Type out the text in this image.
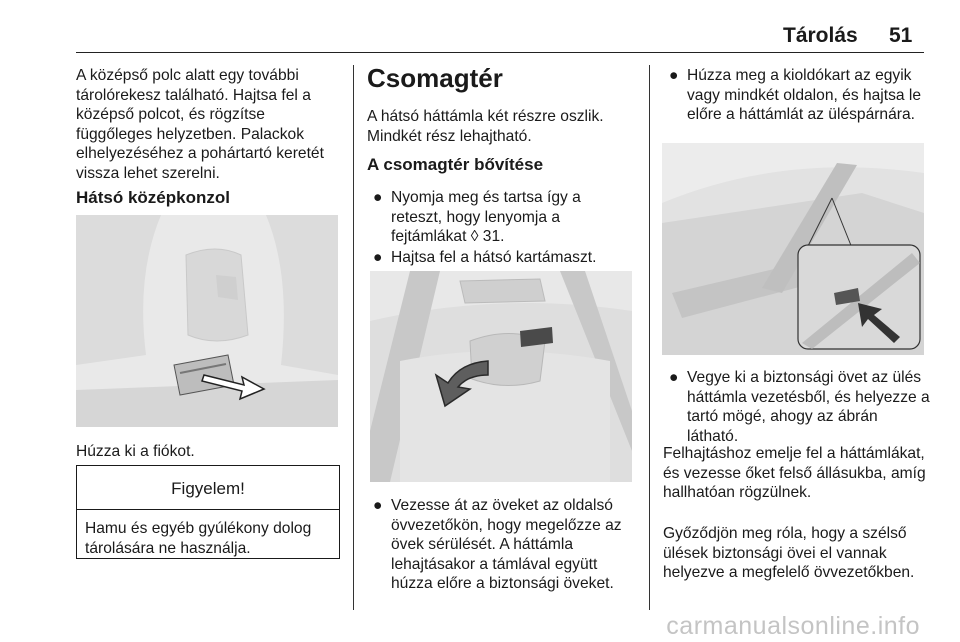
Tárolás 51

A középső polc alatt egy további tárolórekesz található. Hajtsa fel a középső polcot, és rögzítse függőleges helyzetben. Palackok elhelyezéséhez a pohártartó keretét vissza lehet szerelni.

Hátsó középkonzol
Húzza ki a fiókot.
Figyelem!
Hamu és egyéb gyúlékony dolog tárolására ne használja.
Csomagtér

A hátsó háttámla két részre oszlik. Mindkét rész lehajtható.

A csomagtér bővítése
● Nyomja meg és tartsa így a reteszt, hogy lenyomja a fejtámlákat ◊ 31.
● Hajtsa fel a hátsó kartámaszt.
● Vezesse át az öveket az oldalsó övvezetőkön, hogy megelőzze az övek sérülését. A háttámla lehajtásakor a támlával együtt húzza előre a biztonsági öveket.
● Húzza meg a kioldókart az egyik vagy mindkét oldalon, és hajtsa le előre a háttámlát az üléspárnára.
● Vegye ki a biztonsági övet az ülés háttámla vezetésből, és helyezze a tartó mögé, ahogy az ábrán látható.

Felhajtáshoz emelje fel a háttámlákat, és vezesse őket felső állásukba, amíg hallhatóan rögzülnek.

Győződjön meg róla, hogy a szélső ülések biztonsági övei el vannak helyezve a megfelelő övvezetőkben.

carmanualsonline.info
